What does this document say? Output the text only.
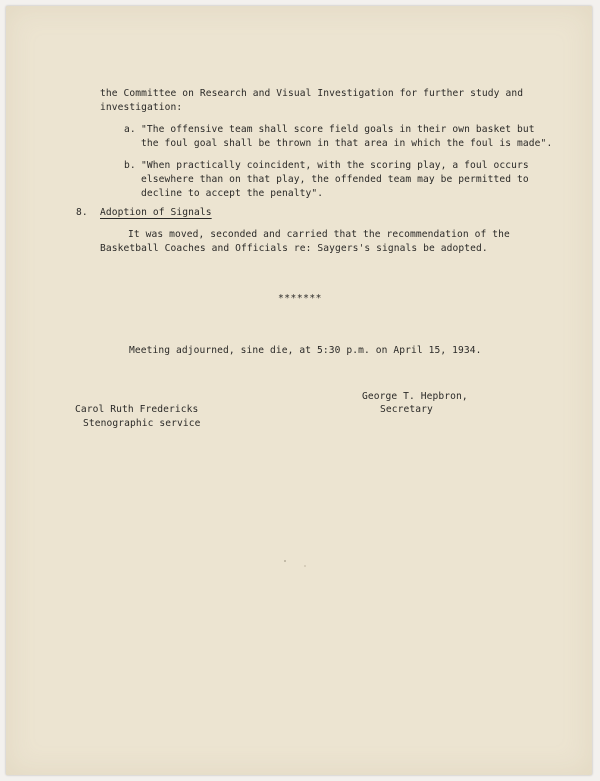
the Committee on Research and Visual Investigation for further study and
investigation:
a. "The offensive team shall score field goals in their own basket but
the foul goal shall be thrown in that area in which the foul is made".
b. "When practically coincident, with the scoring play, a foul occurs
elsewhere than on that play, the offended team may be permitted to
decline to accept the penalty".
8. Adoption of Signals
It was moved, seconded and carried that the recommendation of the
Basketball Coaches and Officials re: Saygers's signals be adopted.
*******
Meeting adjourned, sine die, at 5:30 p.m. on April 15, 1934.
George T. Hepbron,
Secretary
Carol Ruth Fredericks
Stenographic service
